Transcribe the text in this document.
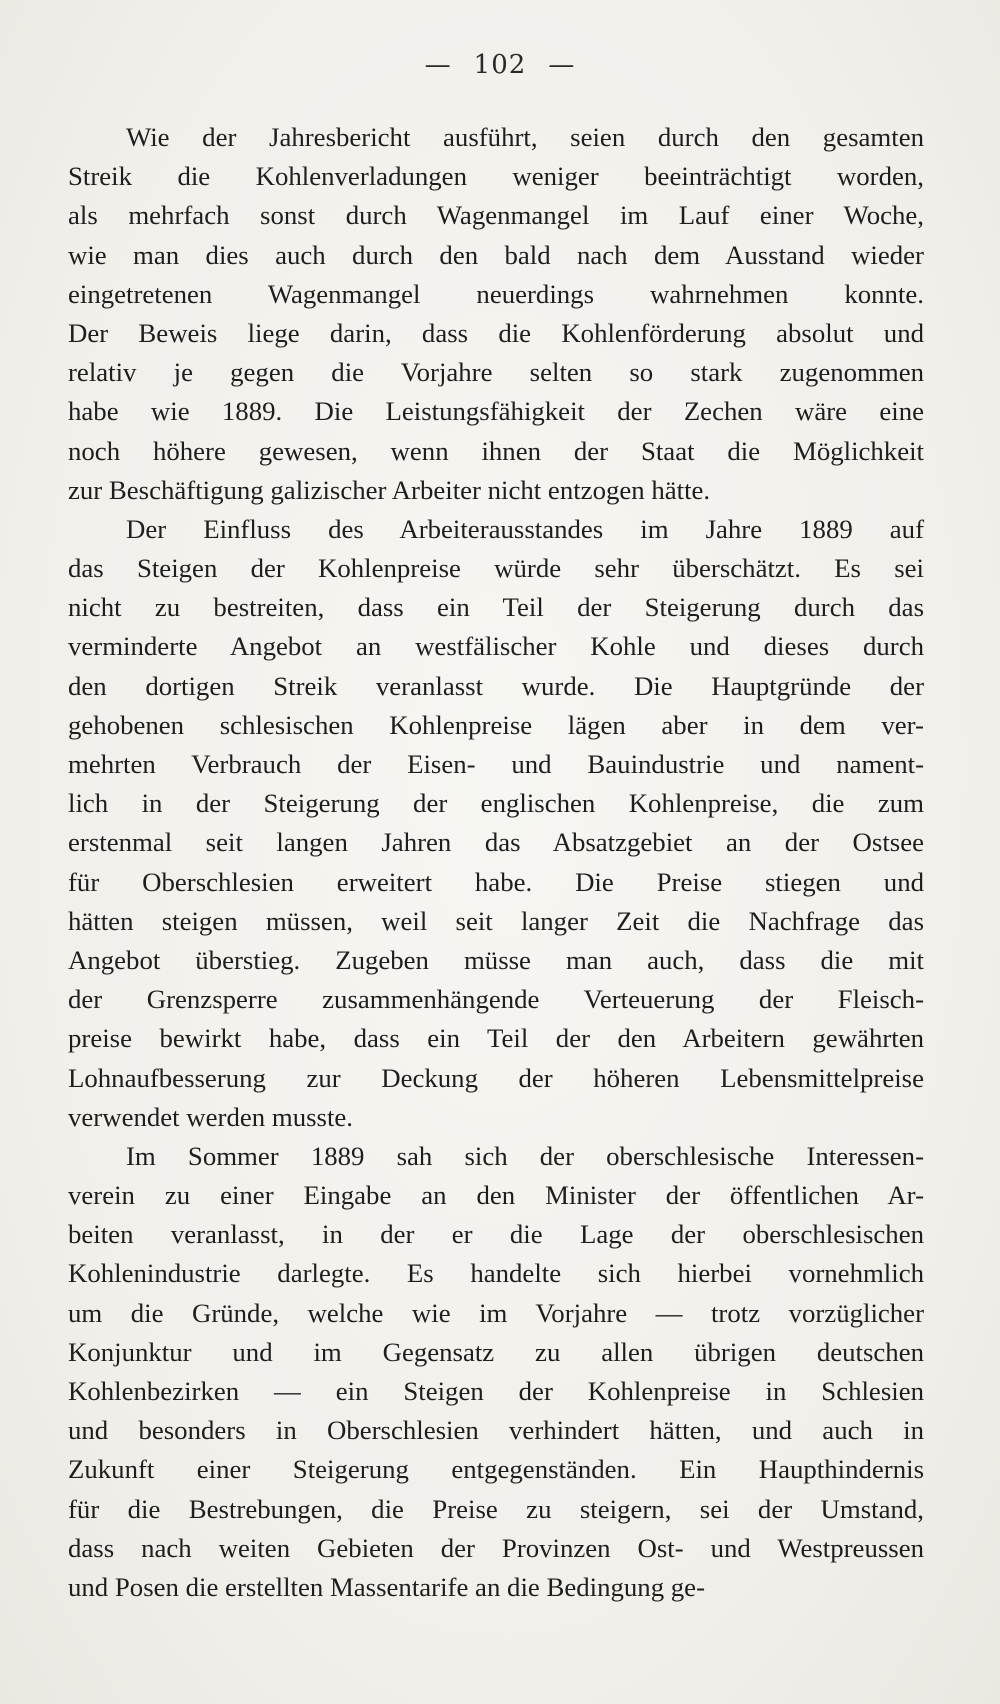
— 102 —
Wie der Jahresbericht ausführt, seien durch den gesamten
Streik die Kohlenverladungen weniger beeinträchtigt worden,
als mehrfach sonst durch Wagenmangel im Lauf einer Woche,
wie man dies auch durch den bald nach dem Ausstand wieder
eingetretenen Wagenmangel neuerdings wahrnehmen konnte.
Der Beweis liege darin, dass die Kohlenförderung absolut und
relativ je gegen die Vorjahre selten so stark zugenommen
habe wie 1889. Die Leistungsfähigkeit der Zechen wäre eine
noch höhere gewesen, wenn ihnen der Staat die Möglichkeit
zur Beschäftigung galizischer Arbeiter nicht entzogen hätte.
Der Einfluss des Arbeiterausstandes im Jahre 1889 auf
das Steigen der Kohlenpreise würde sehr überschätzt. Es sei
nicht zu bestreiten, dass ein Teil der Steigerung durch das
verminderte Angebot an westfälischer Kohle und dieses durch
den dortigen Streik veranlasst wurde. Die Hauptgründe der
gehobenen schlesischen Kohlenpreise lägen aber in dem ver-
mehrten Verbrauch der Eisen- und Bauindustrie und nament-
lich in der Steigerung der englischen Kohlenpreise, die zum
erstenmal seit langen Jahren das Absatzgebiet an der Ostsee
für Oberschlesien erweitert habe. Die Preise stiegen und
hätten steigen müssen, weil seit langer Zeit die Nachfrage das
Angebot überstieg. Zugeben müsse man auch, dass die mit
der Grenzsperre zusammenhängende Verteuerung der Fleisch-
preise bewirkt habe, dass ein Teil der den Arbeitern gewährten
Lohnaufbesserung zur Deckung der höheren Lebensmittelpreise
verwendet werden musste.
Im Sommer 1889 sah sich der oberschlesische Interessen-
verein zu einer Eingabe an den Minister der öffentlichen Ar-
beiten veranlasst, in der er die Lage der oberschlesischen
Kohlenindustrie darlegte. Es handelte sich hierbei vornehmlich
um die Gründe, welche wie im Vorjahre — trotz vorzüglicher
Konjunktur und im Gegensatz zu allen übrigen deutschen
Kohlenbezirken — ein Steigen der Kohlenpreise in Schlesien
und besonders in Oberschlesien verhindert hätten, und auch in
Zukunft einer Steigerung entgegenständen. Ein Haupthindernis
für die Bestrebungen, die Preise zu steigern, sei der Umstand,
dass nach weiten Gebieten der Provinzen Ost- und Westpreussen
und Posen die erstellten Massentarife an die Bedingung ge-
